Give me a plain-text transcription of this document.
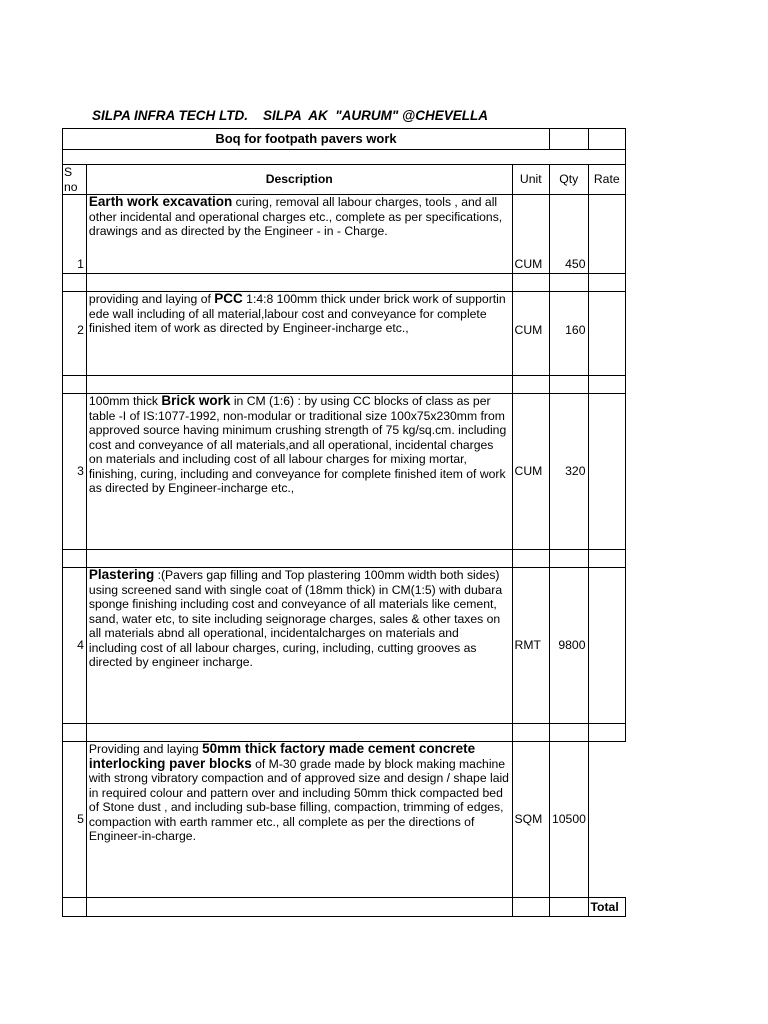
SILPA INFRA TECH LTD.    SILPA  AK  "AURUM" @CHEVELLA
Boq for footpath pavers work				

S no	Description	Unit	Qty	Rate
1	Earth work excavation curing, removal all labour charges, tools , and all other incidental and operational charges etc., complete as per specifications, drawings and as directed by the Engineer - in - Charge.	CUM	450	

2	providing and laying of PCC 1:4:8 100mm thick under brick work of supportin ede wall including of all material,labour cost and conveyance for complete finished item of work as directed by Engineer-incharge etc.,	CUM	160	

3	100mm thick Brick work in CM (1:6) : by using CC blocks of class as per table -I of IS:1077-1992, non-modular or traditional size 100x75x230mm from approved source having minimum crushing strength of 75 kg/sq.cm. including cost and conveyance of all materials,and all operational, incidental charges on materials and including cost of all labour charges for mixing mortar, finishing, curing, including and conveyance for complete finished item of work as directed by Engineer-incharge etc.,	CUM	320	

4	Plastering :(Pavers gap filling and Top plastering 100mm width both sides) using screened sand with single coat of (18mm thick) in CM(1:5) with dubara sponge finishing including cost and conveyance of all materials like cement, sand, water etc, to site including seignorage charges, sales & other taxes on all materials abnd all operational, incidentalcharges on materials and including cost of all labour charges, curing, including, cutting grooves as directed by engineer incharge.	RMT	9800	

5	Providing and laying 50mm thick factory made cement concrete interlocking paver blocks of M-30 grade made by block making machine with strong vibratory compaction and of approved size and design / shape laid in required colour and pattern over and including 50mm thick compacted bed of Stone dust , and including sub-base filling, compaction, trimming of edges, compaction with earth rammer etc., all complete as per the directions of Engineer-in-charge.	SQM	10500	
				Total
